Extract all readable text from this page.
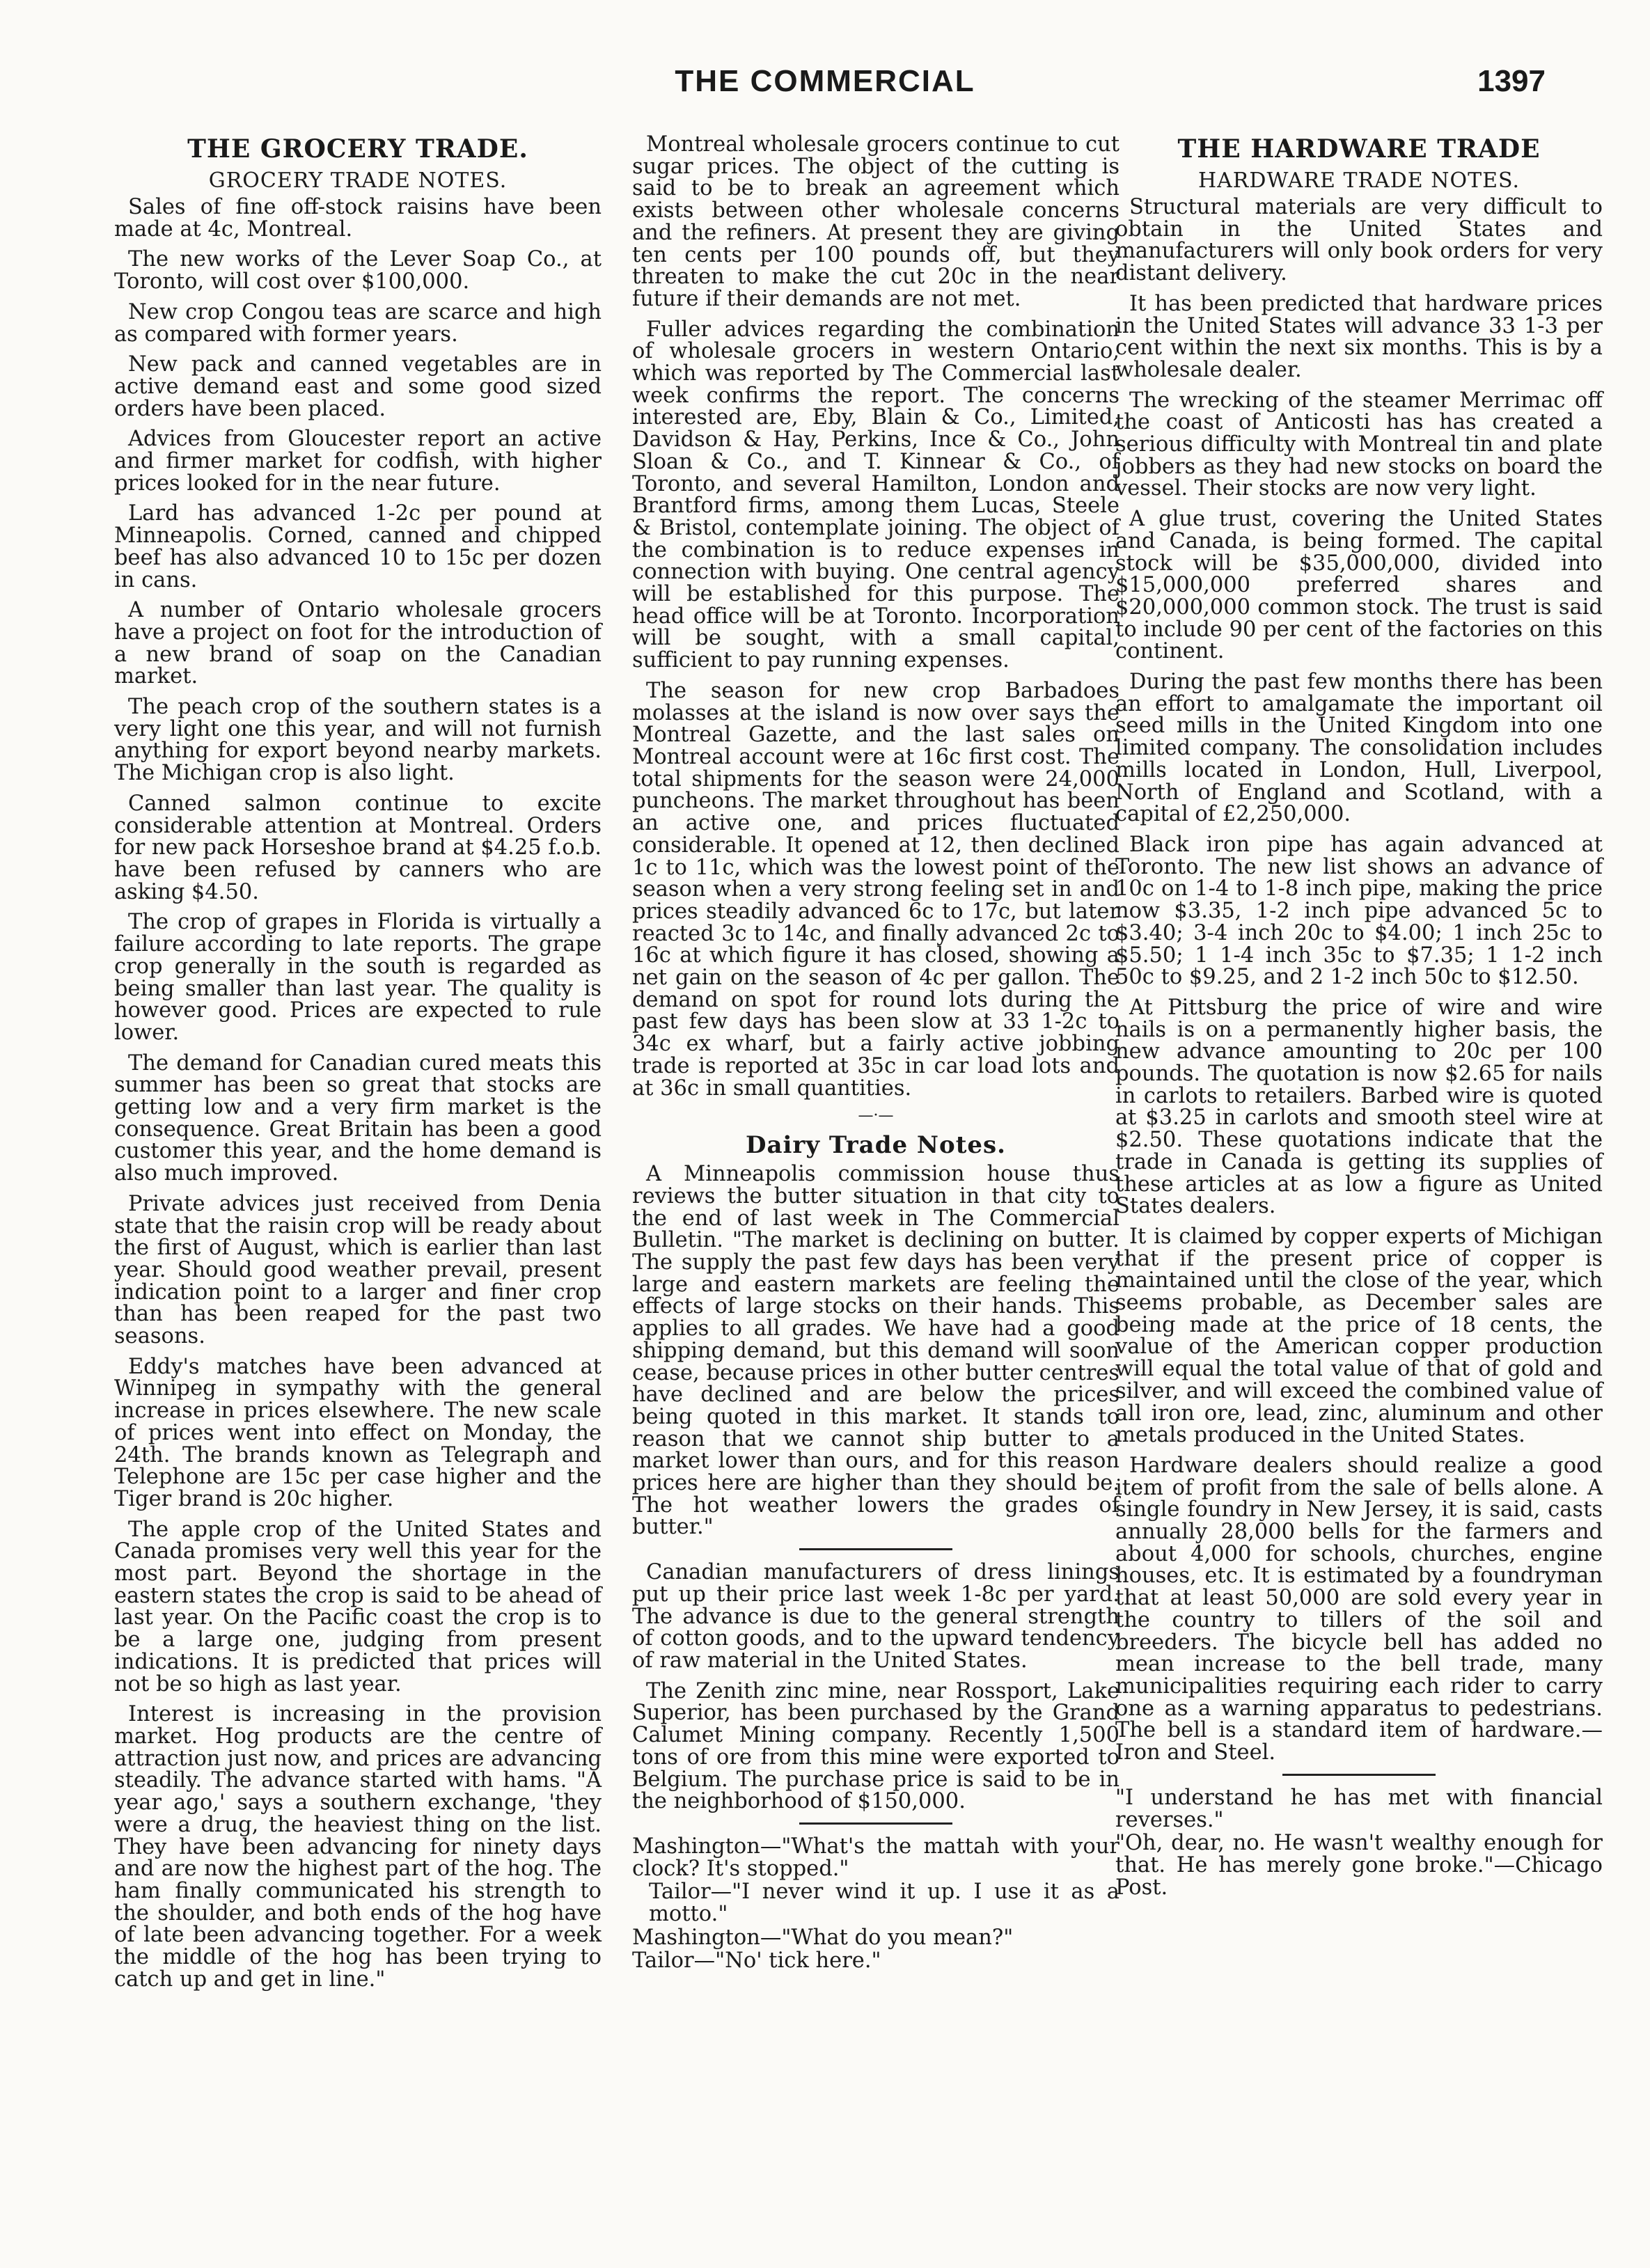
THE COMMERCIAL	1397
THE GROCERY TRADE.
GROCERY TRADE NOTES.

Sales of fine off-stock raisins have been made at 4c, Montreal.

The new works of the Lever Soap Co., at Toronto, will cost over $100,000.

New crop Congou teas are scarce and high as compared with former years.

New pack and canned vegetables are in active demand east and some good sized orders have been placed.

Advices from Gloucester report an active and firmer market for codfish, with higher prices looked for in the near future.

Lard has advanced 1-2c per pound at Minneapolis. Corned, canned and chipped beef has also advanced 10 to 15c per dozen in cans.

A number of Ontario wholesale grocers have a project on foot for the introduction of a new brand of soap on the Canadian market.

The peach crop of the southern states is a very light one this year, and will not furnish anything for export beyond nearby markets. The Michigan crop is also light.

Canned salmon continue to excite considerable attention at Montreal. Orders for new pack Horseshoe brand at $4.25 f.o.b. have been refused by canners who are asking $4.50.

The crop of grapes in Florida is virtually a failure according to late reports. The grape crop generally in the south is regarded as being smaller than last year. The quality is however good. Prices are expected to rule lower.

The demand for Canadian cured meats this summer has been so great that stocks are getting low and a very firm market is the consequence. Great Britain has been a good customer this year, and the home demand is also much improved.

Private advices just received from Denia state that the raisin crop will be ready about the first of August, which is earlier than last year. Should good weather prevail, present indication point to a larger and finer crop than has been reaped for the past two seasons.

Eddy's matches have been advanced at Winnipeg in sympathy with the general increase in prices elsewhere. The new scale of prices went into effect on Monday, the 24th. The brands known as Telegraph and Telephone are 15c per case higher and the Tiger brand is 20c higher.

The apple crop of the United States and Canada promises very well this year for the most part. Beyond the shortage in the eastern states the crop is said to be ahead of last year. On the Pacific coast the crop is to be a large one, judging from present indications. It is predicted that prices will not be so high as last year.

Interest is increasing in the provision market. Hog products are the centre of attraction just now, and prices are advancing steadily. The advance started with hams. "A year ago,' says a southern exchange, 'they were a drug, the heaviest thing on the list. They have been advancing for ninety days and are now the highest part of the hog. The ham finally communicated his strength to the shoulder, and both ends of the hog have of late been advancing together. For a week the middle of the hog has been trying to catch up and get in line."

Montreal wholesale grocers continue to cut sugar prices. The object of the cutting is said to be to break an agreement which exists between other wholesale concerns and the refiners. At present they are giving ten cents per 100 pounds off, but they threaten to make the cut 20c in the near future if their demands are not met.

Fuller advices regarding the combination of wholesale grocers in western Ontario, which was reported by The Commercial last week confirms the report. The concerns interested are, Eby, Blain & Co., Limited, Davidson & Hay, Perkins, Ince & Co., John Sloan & Co., and T. Kinnear & Co., of Toronto, and several Hamilton, London and Brantford firms, among them Lucas, Steele & Bristol, contemplate joining. The object of the combination is to reduce expenses in connection with buying. One central agency will be established for this purpose. The head office will be at Toronto. Incorporation will be sought, with a small capital, sufficient to pay running expenses.

The season for new crop Barbadoes molasses at the island is now over says the Montreal Gazette, and the last sales on Montreal account were at 16c first cost. The total shipments for the season were 24,000 puncheons. The market throughout has been an active one, and prices fluctuated considerable. It opened at 12, then declined 1c to 11c, which was the lowest point of the season when a very strong feeling set in and prices steadily advanced 6c to 17c, but later reacted 3c to 14c, and finally advanced 2c to 16c at which figure it has closed, showing a net gain on the season of 4c per gallon. The demand on spot for round lots during the past few days has been slow at 33 1-2c to 34c ex wharf, but a fairly active jobbing trade is reported at 35c in car load lots and at 36c in small quantities.

—·—
Dairy Trade Notes.

A Minneapolis commission house thus reviews the butter situation in that city to the end of last week in The Commercial Bulletin. "The market is declining on butter. The supply the past few days has been very large and eastern markets are feeling the effects of large stocks on their hands. This applies to all grades. We have had a good shipping demand, but this demand will soon cease, because prices in other butter centres have declined and are below the prices being quoted in this market. It stands to reason that we cannot ship butter to a market lower than ours, and for this reason prices here are higher than they should be. The hot weather lowers the grades of butter."

Canadian manufacturers of dress linings put up their price last week 1-8c per yard. The advance is due to the general strength of cotton goods, and to the upward tendency of raw material in the United States.

The Zenith zinc mine, near Rossport, Lake Superior, has been purchased by the Grand Calumet Mining company. Recently 1,500 tons of ore from this mine were exported to Belgium. The purchase price is said to be in the neighborhood of $150,000.

Mashington—"What's the mattah with your clock? It's stopped."

Tailor—"I never wind it up. I use it as a motto."

Mashington—"What do you mean?"

Tailor—"No' tick here."

THE HARDWARE TRADE
HARDWARE TRADE NOTES.

Structural materials are very difficult to obtain in the United States and manufacturers will only book orders for very distant delivery.

It has been predicted that hardware prices in the United States will advance 33 1-3 per cent within the next six months. This is by a wholesale dealer.

The wrecking of the steamer Merrimac off the coast of Anticosti has has created a serious difficulty with Montreal tin and plate jobbers as they had new stocks on board the vessel. Their stocks are now very light.

A glue trust, covering the United States and Canada, is being formed. The capital stock will be $35,000,000, divided into $15,000,000 preferred shares and $20,000,000 common stock. The trust is said to include 90 per cent of the factories on this continent.

During the past few months there has been an effort to amalgamate the important oil seed mills in the United Kingdom into one limited company. The consolidation includes mills located in London, Hull, Liverpool, North of England and Scotland, with a capital of £2,250,000.

Black iron pipe has again advanced at Toronto. The new list shows an advance of 10c on 1-4 to 1-8 inch pipe, making the price now $3.35, 1-2 inch pipe advanced 5c to $3.40; 3-4 inch 20c to $4.00; 1 inch 25c to $5.50; 1 1-4 inch 35c to $7.35; 1 1-2 inch 50c to $9.25, and 2 1-2 inch 50c to $12.50.

At Pittsburg the price of wire and wire nails is on a permanently higher basis, the new advance amounting to 20c per 100 pounds. The quotation is now $2.65 for nails in carlots to retailers. Barbed wire is quoted at $3.25 in carlots and smooth steel wire at $2.50. These quotations indicate that the trade in Canada is getting its supplies of these articles at as low a figure as United States dealers.

It is claimed by copper experts of Michigan that if the present price of copper is maintained until the close of the year, which seems probable, as December sales are being made at the price of 18 cents, the value of the American copper production will equal the total value of that of gold and silver, and will exceed the combined value of all iron ore, lead, zinc, aluminum and other metals produced in the United States.

Hardware dealers should realize a good item of profit from the sale of bells alone. A single foundry in New Jersey, it is said, casts annually 28,000 bells for the farmers and about 4,000 for schools, churches, engine houses, etc. It is estimated by a foundryman that at least 50,000 are sold every year in the country to tillers of the soil and breeders. The bicycle bell has added no mean increase to the bell trade, many municipalities requiring each rider to carry one as a warning apparatus to pedestrians. The bell is a standard item of hardware.—Iron and Steel.

"I understand he has met with financial reverses."

"Oh, dear, no. He wasn't wealthy enough for that. He has merely gone broke."—Chicago Post.
